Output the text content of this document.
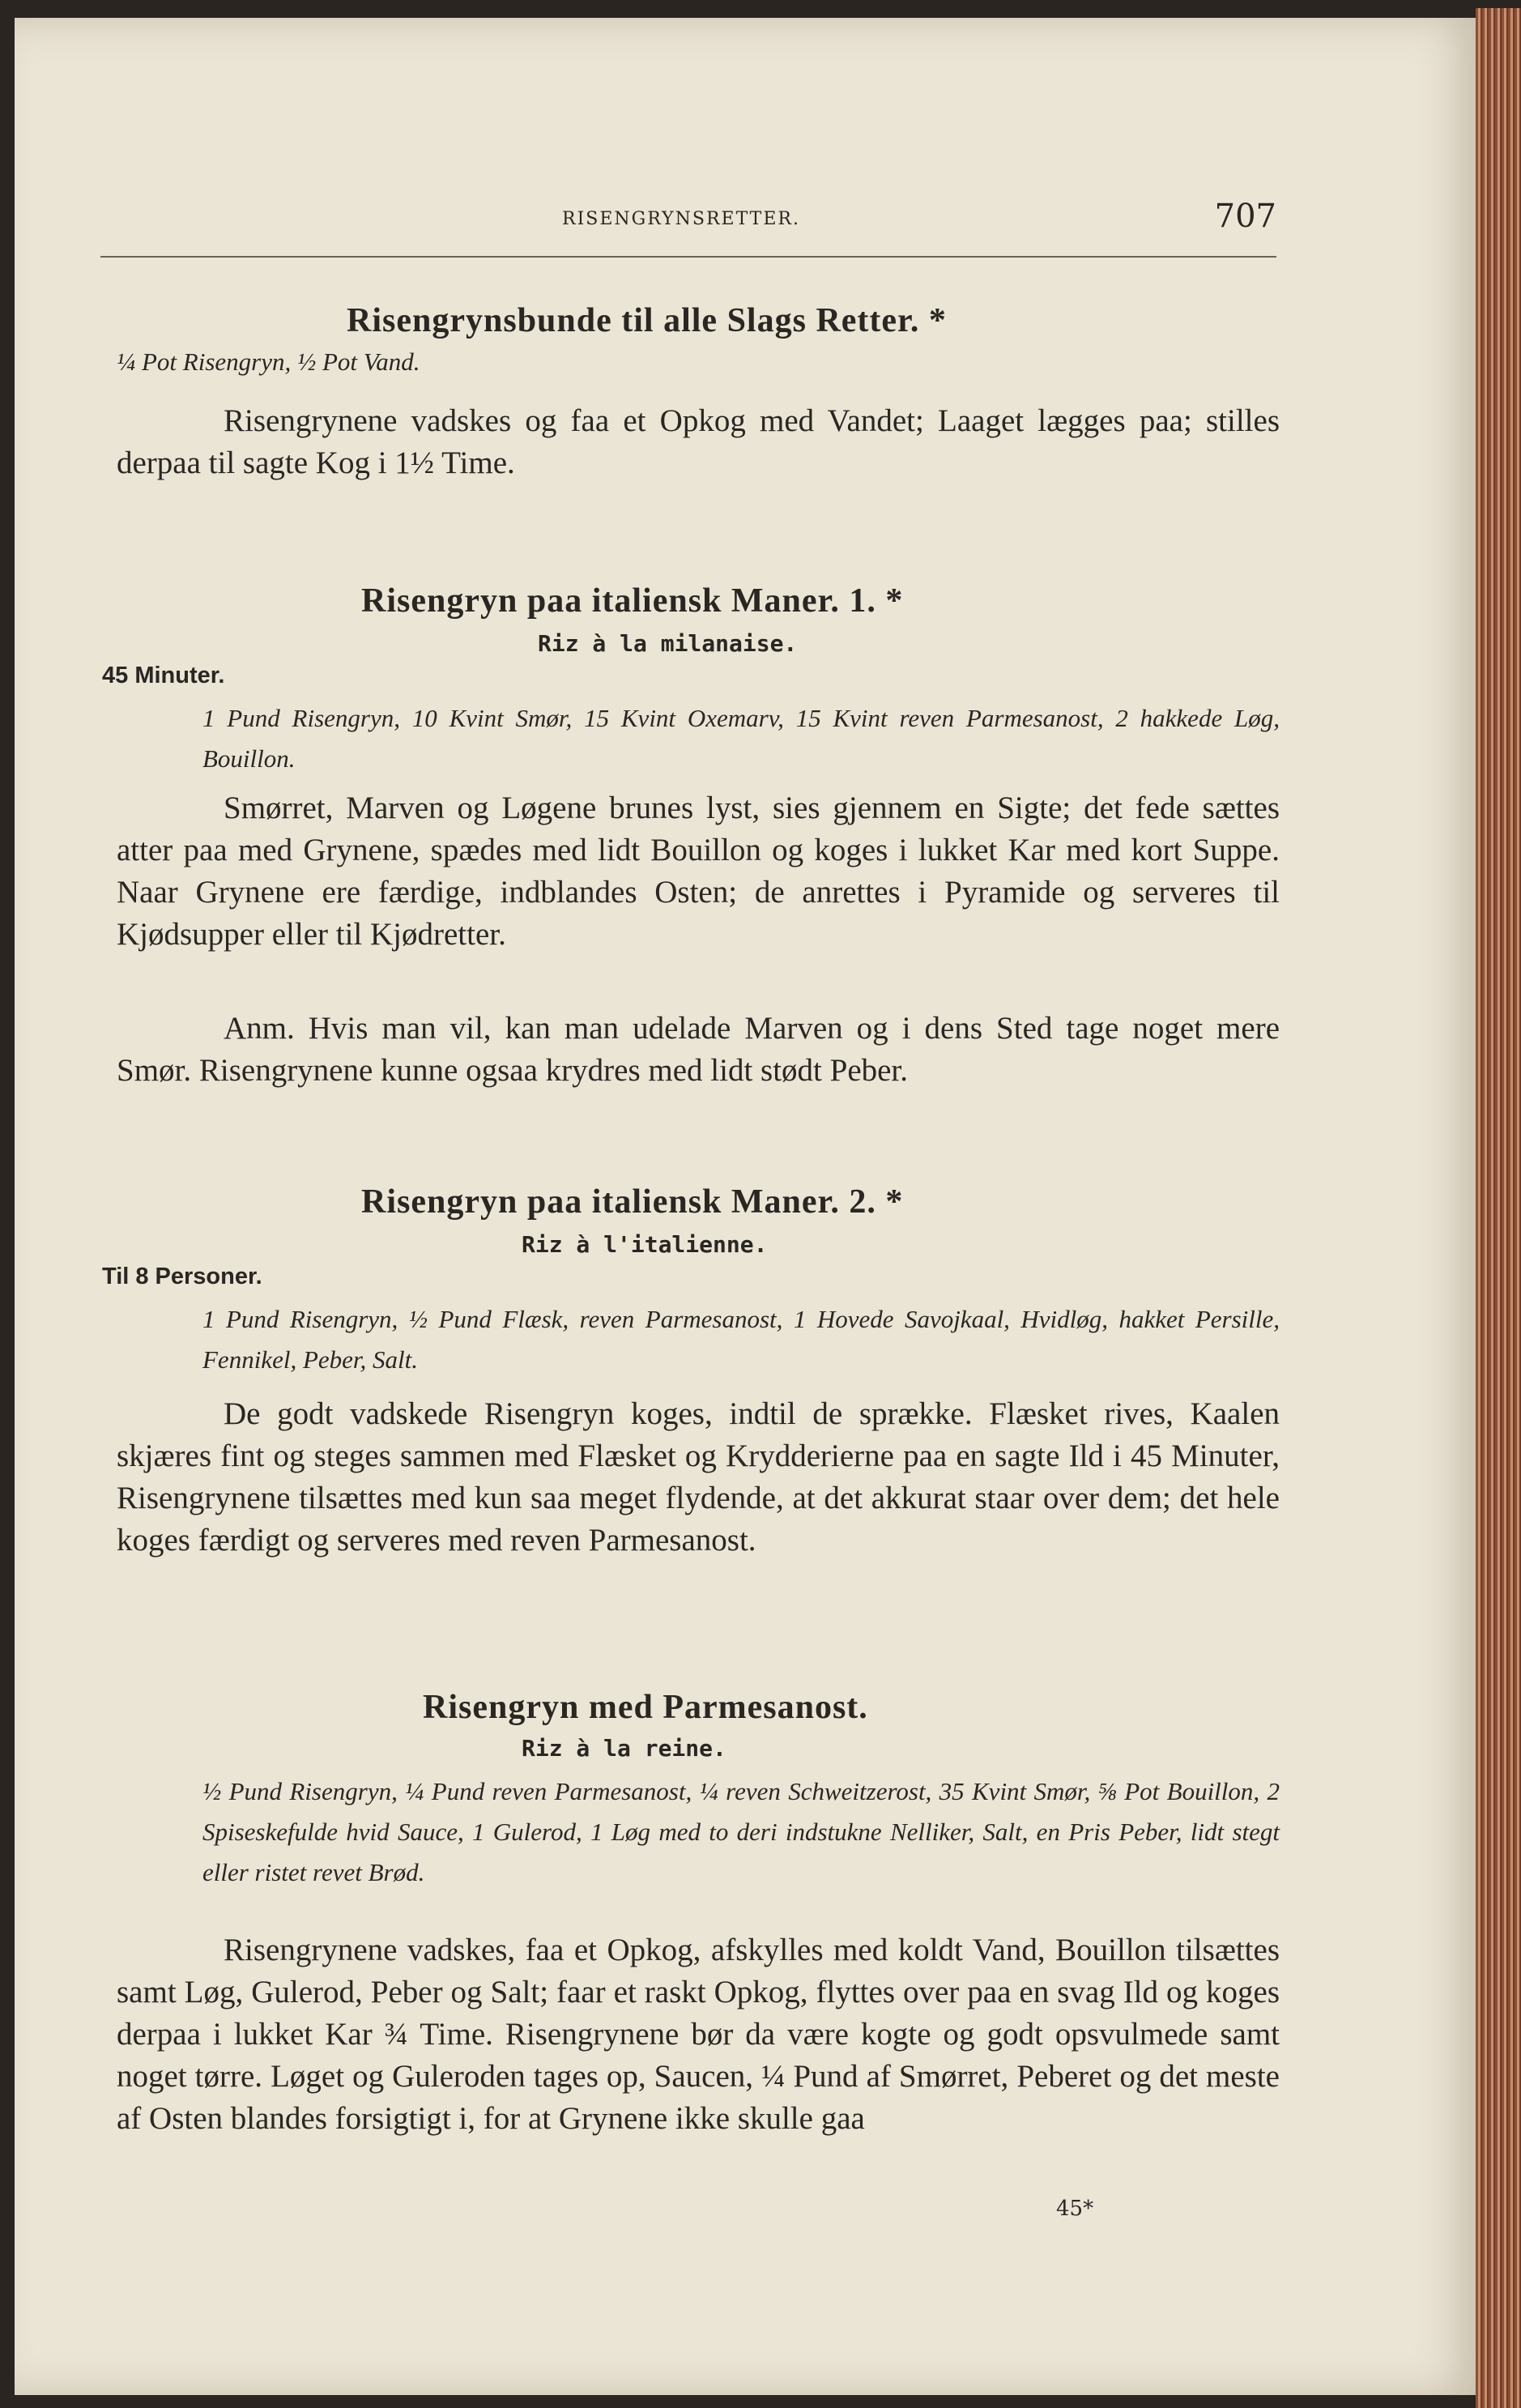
RISENGRYNSRETTER.	707
Risengrynsbunde til alle Slags Retter. *

¼ Pot Risengryn, ½ Pot Vand.

Risengrynene vadskes og faa et Opkog med Vandet; Laaget lægges paa; stilles derpaa til sagte Kog i 1½ Time.

Risengryn paa italiensk Maner. 1. *
Riz à la milanaise.
45 Minuter.

1 Pund Risengryn, 10 Kvint Smør, 15 Kvint Oxemarv, 15 Kvint reven Parmesanost, 2 hakkede Løg, Bouillon.

Smørret, Marven og Løgene brunes lyst, sies gjennem en Sigte; det fede sættes atter paa med Grynene, spædes med lidt Bouillon og koges i lukket Kar med kort Suppe. Naar Grynene ere færdige, indblandes Osten; de anrettes i Pyramide og serveres til Kjødsupper eller til Kjødretter.

Anm. Hvis man vil, kan man udelade Marven og i dens Sted tage noget mere Smør. Risengrynene kunne ogsaa krydres med lidt stødt Peber.

Risengryn paa italiensk Maner. 2. *
Riz à l'italienne.
Til 8 Personer.

1 Pund Risengryn, ½ Pund Flæsk, reven Parmesanost, 1 Hovede Savojkaal, Hvidløg, hakket Persille, Fennikel, Peber, Salt.

De godt vadskede Risengryn koges, indtil de sprække. Flæsket rives, Kaalen skjæres fint og steges sammen med Flæsket og Krydderierne paa en sagte Ild i 45 Minuter, Risengrynene tilsættes med kun saa meget flydende, at det akkurat staar over dem; det hele koges færdigt og serveres med reven Parmesanost.

Risengryn med Parmesanost.
Riz à la reine.

½ Pund Risengryn, ¼ Pund reven Parmesanost, ¼ reven Schweitzerost, 35 Kvint Smør, ⅝ Pot Bouillon, 2 Spiseskefulde hvid Sauce, 1 Gulerod, 1 Løg med to deri indstukne Nelliker, Salt, en Pris Peber, lidt stegt eller ristet revet Brød.

Risengrynene vadskes, faa et Opkog, afskylles med koldt Vand, Bouillon tilsættes samt Løg, Gulerod, Peber og Salt; faar et raskt Opkog, flyttes over paa en svag Ild og koges derpaa i lukket Kar ¾ Time. Risengrynene bør da være kogte og godt opsvulmede samt noget tørre. Løget og Guleroden tages op, Saucen, ¼ Pund af Smørret, Peberet og det meste af Osten blandes forsigtigt i, for at Grynene ikke skulle gaa

45*
